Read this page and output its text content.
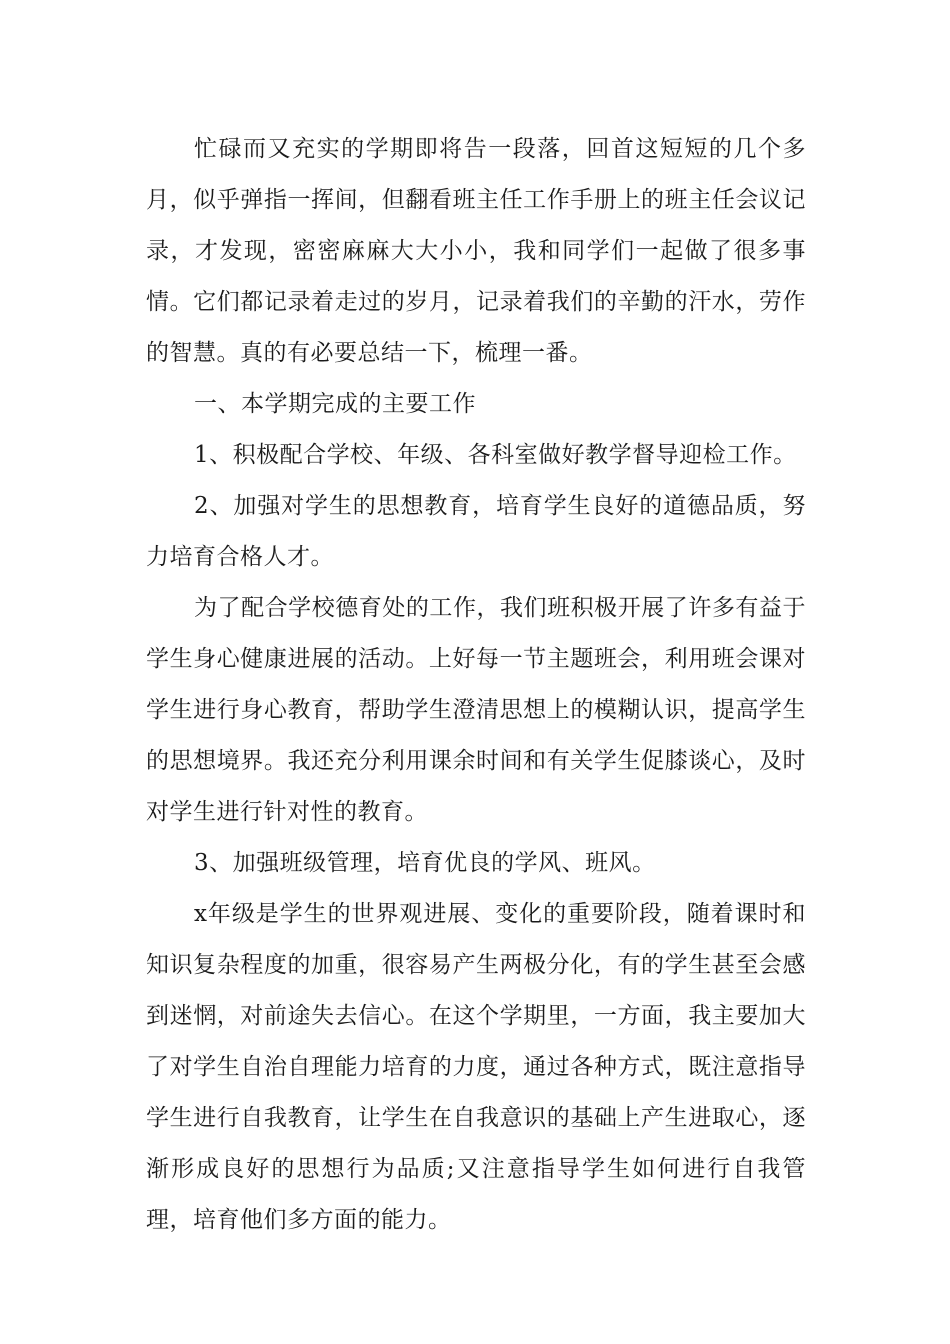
忙碌而又充实的学期即将告一段落，回首这短短的几个多月，似乎弹指一挥间，但翻看班主任工作手册上的班主任会议记录，才发现，密密麻麻大大小小，我和同学们一起做了很多事情。它们都记录着走过的岁月，记录着我们的辛勤的汗水，劳作的智慧。真的有必要总结一下，梳理一番。

一、本学期完成的主要工作

1、积极配合学校、年级、各科室做好教学督导迎检工作。

2、加强对学生的思想教育，培育学生良好的道德品质，努力培育合格人才。

为了配合学校德育处的工作，我们班积极开展了许多有益于学生身心健康进展的活动。上好每一节主题班会，利用班会课对学生进行身心教育，帮助学生澄清思想上的模糊认识，提高学生的思想境界。我还充分利用课余时间和有关学生促膝谈心，及时对学生进行针对性的教育。

3、加强班级管理，培育优良的学风、班风。

x年级是学生的世界观进展、变化的重要阶段，随着课时和知识复杂程度的加重，很容易产生两极分化，有的学生甚至会感到迷惘，对前途失去信心。在这个学期里，一方面，我主要加大了对学生自治自理能力培育的力度，通过各种方式，既注意指导学生进行自我教育，让学生在自我意识的基础上产生进取心，逐渐形成良好的思想行为品质;又注意指导学生如何进行自我管理，培育他们多方面的能力。
